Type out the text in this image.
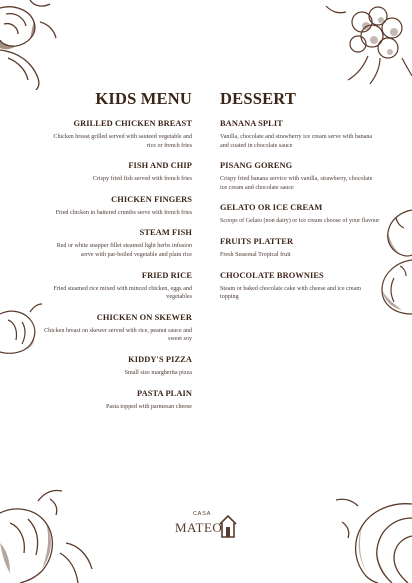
KIDS MENU
GRILLED CHICKEN BREAST
Chicken breast grilled served with sauteed vegetable and rice or french fries
FISH AND CHIP
Crispy fried fish served with french fries
CHICKEN FINGERS
Fried chicken in battered crumbs serve with french fries
STEAM FISH
Red or white snapper fillet steamed light herbs infusion serve with par-boiled vegetable and plain rice
FRIED RICE
Fried steamed rice mixed with minced chicken, eggs and vegetables
CHICKEN ON SKEWER
Chicken breast on skewer served with rice, peanut sauce and sweet soy
KIDDY'S PIZZA
Small size margherita pizza
PASTA PLAIN
Pasta topped with parmesan cheese
DESSERT
BANANA SPLIT
Vanilla, chocolate and strawberry ice cream serve with banana and coated in chocolate sauce
PISANG GORENG
Crispy fried banana service with vanilla, strawberry, chocolate ice cream and chocolate sauce
GELATO OR ICE CREAM
Scoops of Gelato (non dairy) or ice cream choose of your flavour
FRUITS PLATTER
Fresh Seasonal Tropical fruit
CHOCOLATE BROWNIES
Steam or baked chocolate cake with cheese and ice cream topping
CASA
MATEO
